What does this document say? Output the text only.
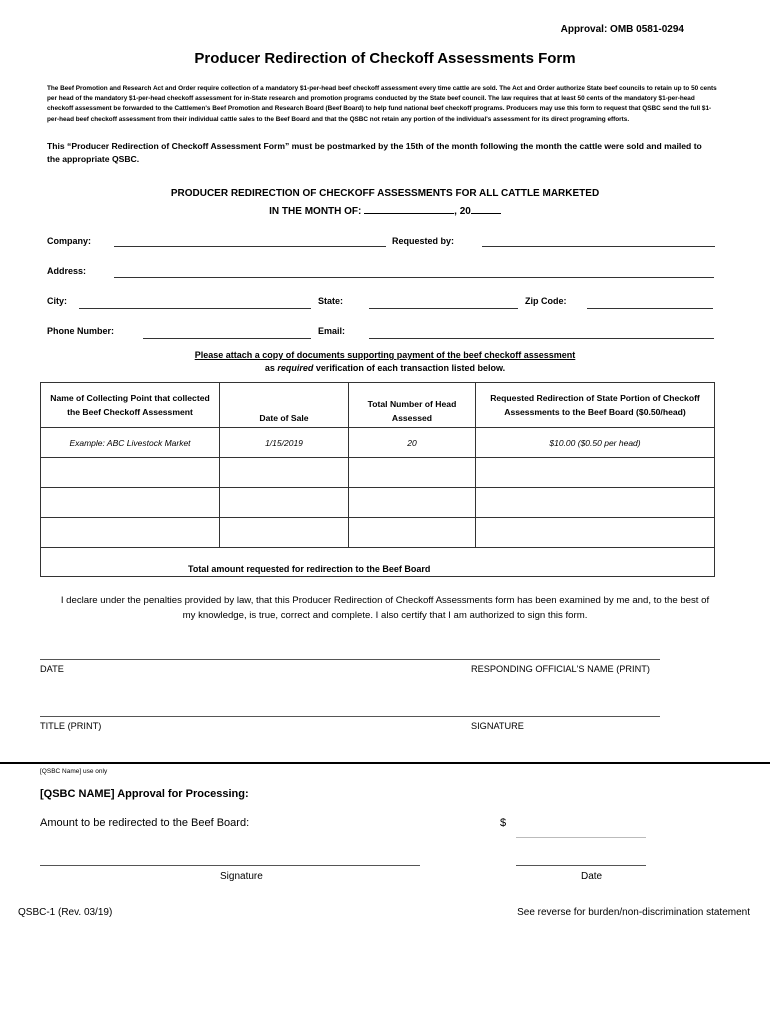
Approval: OMB 0581-0294
Producer Redirection of Checkoff Assessments Form
The Beef Promotion and Research Act and Order require collection of a mandatory $1-per-head beef checkoff assessment every time cattle are sold. The Act and Order authorize State beef councils to retain up to 50 cents per head of the mandatory $1-per-head checkoff assessment for in-State research and promotion programs conducted by the State beef council. The law requires that at least 50 cents of the mandatory $1-per-head checkoff assessment be forwarded to the Cattlemen's Beef Promotion and Research Board (Beef Board) to help fund national beef checkoff programs. Producers may use this form to request that QSBC send the full $1-per-head beef checkoff assessment from their individual cattle sales to the Beef Board and that the QSBC not retain any portion of the individual's assessment for its direct programing efforts.
This “Producer Redirection of Checkoff Assessment Form” must be postmarked by the 15th of the month following the month the cattle were sold and mailed to the appropriate QSBC.
PRODUCER REDIRECTION OF CHECKOFF ASSESSMENTS FOR ALL CATTLE MARKETED
IN THE MONTH OF:	, 20
Company:	Requested by:
Address:
City:	State:	Zip Code:
Phone Number:	Email:
Please attach a copy of documents supporting payment of the beef checkoff assessment
as required verification of each transaction listed below.
Name of Collecting Point that collected the Beef Checkoff Assessment	Date of Sale	Total Number of Head Assessed	Requested Redirection of State Portion of Checkoff Assessments to the Beef Board ($0.50/head)
Example: ABC Livestock Market	1/15/2019	20	$10.00 ($0.50 per head)

Total amount requested for redirection to the Beef Board
I declare under the penalties provided by law, that this Producer Redirection of Checkoff Assessments form has been examined by me and, to the best of my knowledge, is true, correct and complete. I also certify that I am authorized to sign this form.
DATE	RESPONDING OFFICIAL'S NAME (PRINT)
TITLE (PRINT)	SIGNATURE
[QSBC Name] use only
[QSBC NAME] Approval for Processing:
Amount to be redirected to the Beef Board:	$
Signature	Date
QSBC-1 (Rev. 03/19)	See reverse for burden/non-discrimination statement
